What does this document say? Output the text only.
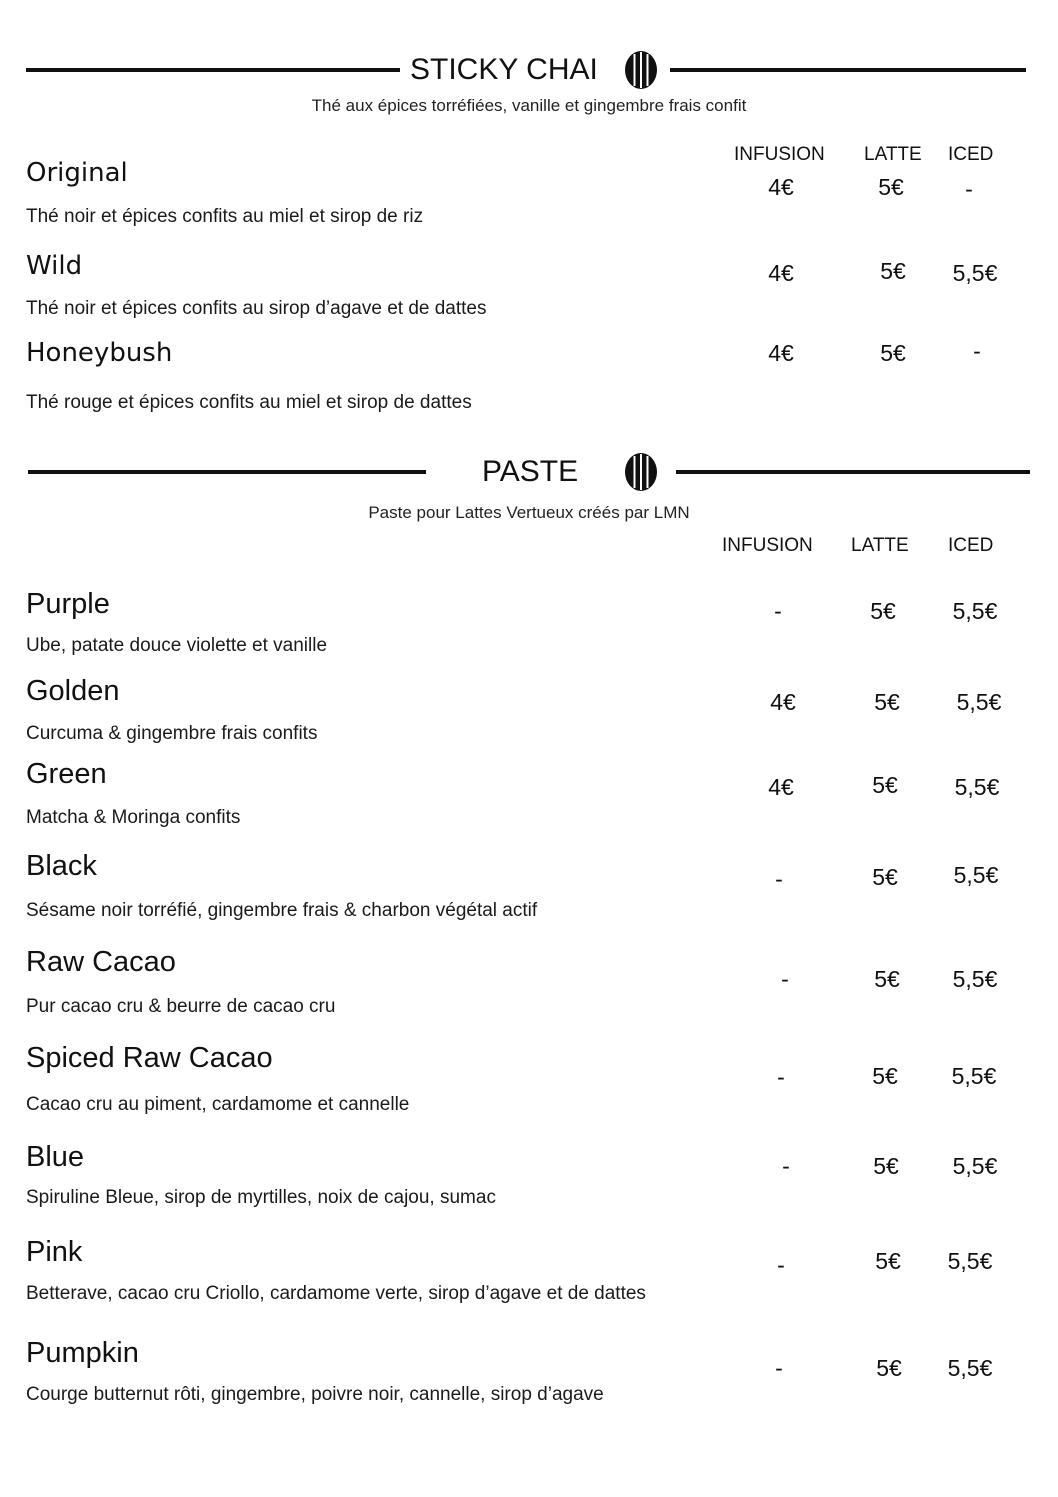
STICKY CHAI
Thé aux épices torréfiées, vanille et gingembre frais confit
INFUSION LATTE ICED
Original
Thé noir et épices confits au miel et sirop de riz
4€	5€	-
Wild
Thé noir et épices confits au sirop d’agave et de dattes
4€	5€	5,5€
Honeybush
Thé rouge et épices confits au miel et sirop de dattes
4€	5€	-
PASTE
Paste pour Lattes Vertueux créés par LMN
INFUSION LATTE ICED
Purple
Ube, patate douce violette et vanille
-	5€	5,5€
Golden
Curcuma & gingembre frais confits
4€	5€	5,5€
Green
Matcha & Moringa confits
4€	5€	5,5€
Black
Sésame noir torréfié, gingembre frais & charbon végétal actif
-	5€	5,5€
Raw Cacao
Pur cacao cru & beurre de cacao cru
-	5€	5,5€
Spiced Raw Cacao
Cacao cru au piment, cardamome et cannelle
-	5€	5,5€
Blue
Spiruline Bleue, sirop de myrtilles, noix de cajou, sumac
-	5€	5,5€
Pink
Betterave, cacao cru Criollo, cardamome verte, sirop d’agave et de dattes
-	5€	5,5€
Pumpkin
Courge butternut rôti, gingembre, poivre noir, cannelle, sirop d’agave
-	5€	5,5€
